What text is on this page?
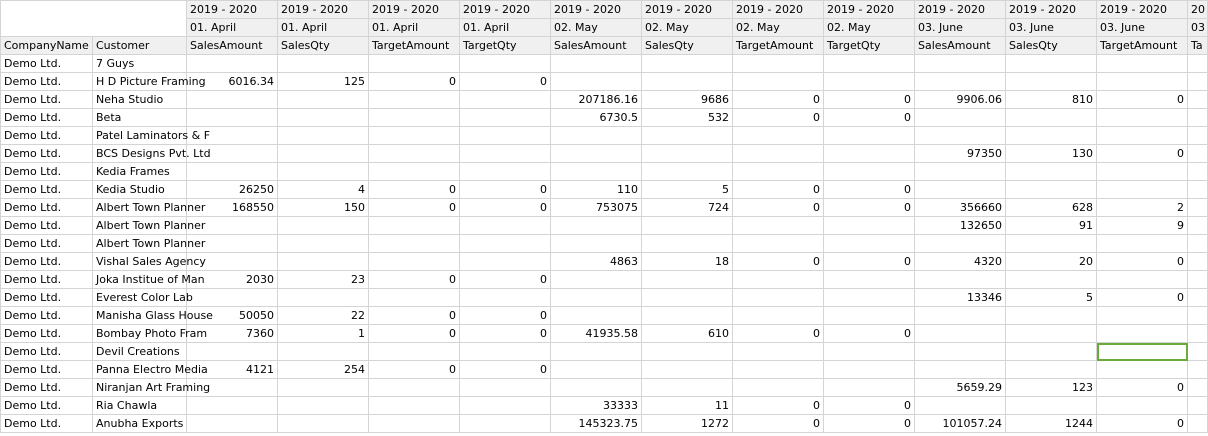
		2019 - 2020	2019 - 2020	2019 - 2020	2019 - 2020	2019 - 2020	2019 - 2020	2019 - 2020	2019 - 2020	2019 - 2020	2019 - 2020	2019 - 2020	20
		01. April	01. April	01. April	01. April	02. May	02. May	02. May	02. May	03. June	03. June	03. June	03
CompanyName	Customer	SalesAmount	SalesQty	TargetAmount	TargetQty	SalesAmount	SalesQty	TargetAmount	TargetQty	SalesAmount	SalesQty	TargetAmount	Ta
Demo Ltd.	7 Guys												
Demo Ltd.	H D Picture Framing	6016.34	125	0	0								
Demo Ltd.	Neha Studio					207186.16	9686	0	0	9906.06	810	0	
Demo Ltd.	Beta					6730.5	532	0	0				
Demo Ltd.	Patel Laminators & F												
Demo Ltd.	BCS Designs Pvt. Ltd									97350	130	0	
Demo Ltd.	Kedia Frames												
Demo Ltd.	Kedia Studio	26250	4	0	0	110	5	0	0				
Demo Ltd.	Albert Town Planner	168550	150	0	0	753075	724	0	0	356660	628	2	
Demo Ltd.	Albert Town Planner									132650	91	9	
Demo Ltd.	Albert Town Planner												
Demo Ltd.	Vishal Sales Agency					4863	18	0	0	4320	20	0	
Demo Ltd.	Joka Institue of Man	2030	23	0	0								
Demo Ltd.	Everest Color Lab									13346	5	0	
Demo Ltd.	Manisha Glass House	50050	22	0	0								
Demo Ltd.	Bombay Photo Fram	7360	1	0	0	41935.58	610	0	0				
Demo Ltd.	Devil Creations												
Demo Ltd.	Panna Electro Media	4121	254	0	0								
Demo Ltd.	Niranjan Art Framing									5659.29	123	0	
Demo Ltd.	Ria Chawla					33333	11	0	0				
Demo Ltd.	Anubha Exports					145323.75	1272	0	0	101057.24	1244	0	
